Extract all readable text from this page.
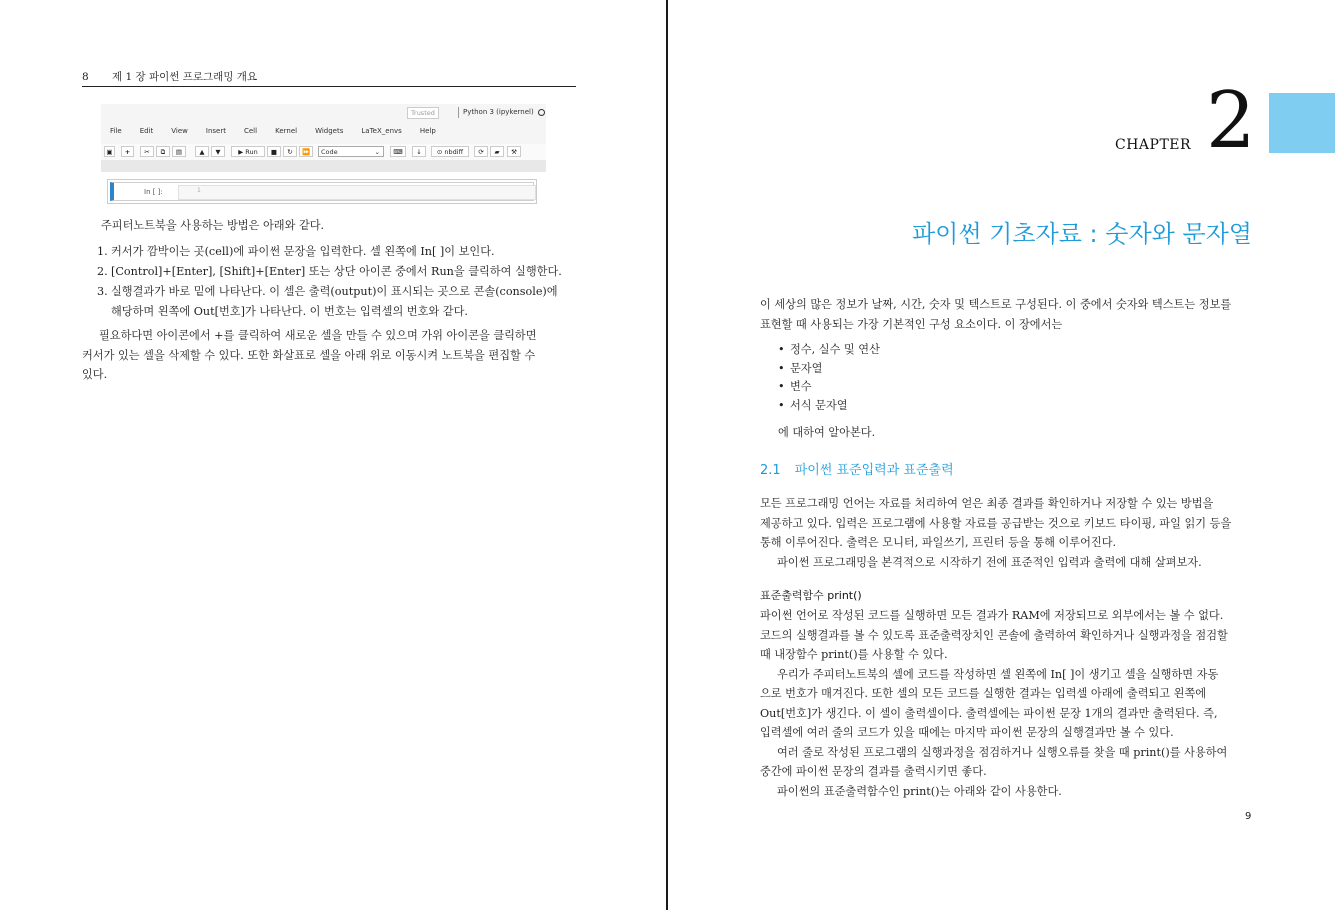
8 제 1 장 파이썬 프로그래밍 개요
Trusted	Python 3 (ipykernel)
File	Edit	View	Insert	Cell	Kernel	Widgets	LaTeX_envs	Help
▣	+	✂	⧉	▤	▲	▼	▶ Run	■	↻	⏩	Code	⌄	⌨	↓	⊙ nbdiff	⟳	▰	⚒
In [ ]:	1

주피터노트북을 사용하는 방법은 아래와 같다.

1. 커서가 깜박이는 곳(cell)에 파이썬 문장을 입력한다. 셀 왼쪽에 In[ ]이 보인다.
2. [Control]+[Enter], [Shift]+[Enter] 또는 상단 아이콘 중에서 Run을 클릭하여 실행한다.
3. 실행결과가 바로 밑에 나타난다. 이 셀은 출력(output)이 표시되는 곳으로 콘솔(console)에
해당하며 왼쪽에 Out[번호]가 나타난다. 이 번호는 입력셀의 번호와 같다.

필요하다면 아이콘에서 +를 클릭하여 새로운 셀을 만들 수 있으며 가위 아이콘을 클릭하면

커서가 있는 셀을 삭제할 수 있다. 또한 화살표로 셀을 아래 위로 이동시켜 노트북을 편집할 수

있다.

CHAPTER 2
파이썬 기초자료 : 숫자와 문자열

이 세상의 많은 정보가 날짜, 시간, 숫자 및 텍스트로 구성된다. 이 중에서 숫자와 텍스트는 정보를

표현할 때 사용되는 가장 기본적인 구성 요소이다. 이 장에서는

• 정수, 실수 및 연산
• 문자열
• 변수
• 서식 문자열

에 대하여 알아본다.

2.1 파이썬 표준입력과 표준출력

모든 프로그래밍 언어는 자료를 처리하여 얻은 최종 결과를 확인하거나 저장할 수 있는 방법을

제공하고 있다. 입력은 프로그램에 사용할 자료를 공급받는 것으로 키보드 타이핑, 파일 읽기 등을

통해 이루어진다. 출력은 모니터, 파일쓰기, 프린터 등을 통해 이루어진다.

파이썬 프로그래밍을 본격적으로 시작하기 전에 표준적인 입력과 출력에 대해 살펴보자.

표준출력함수 print()

파이썬 언어로 작성된 코드를 실행하면 모든 결과가 RAM에 저장되므로 외부에서는 볼 수 없다.

코드의 실행결과를 볼 수 있도록 표준출력장치인 콘솔에 출력하여 확인하거나 실행과정을 점검할

때 내장함수 print()를 사용할 수 있다.

우리가 주피터노트북의 셀에 코드를 작성하면 셀 왼쪽에 In[ ]이 생기고 셀을 실행하면 자동

으로 번호가 매겨진다. 또한 셀의 모든 코드를 실행한 결과는 입력셀 아래에 출력되고 왼쪽에

Out[번호]가 생긴다. 이 셀이 출력셀이다. 출력셀에는 파이썬 문장 1개의 결과만 출력된다. 즉,

입력셀에 여러 줄의 코드가 있을 때에는 마지막 파이썬 문장의 실행결과만 볼 수 있다.

여러 줄로 작성된 프로그램의 실행과정을 점검하거나 실행오류를 찾을 때 print()를 사용하여

중간에 파이썬 문장의 결과를 출력시키면 좋다.

파이썬의 표준출력함수인 print()는 아래와 같이 사용한다.

9
